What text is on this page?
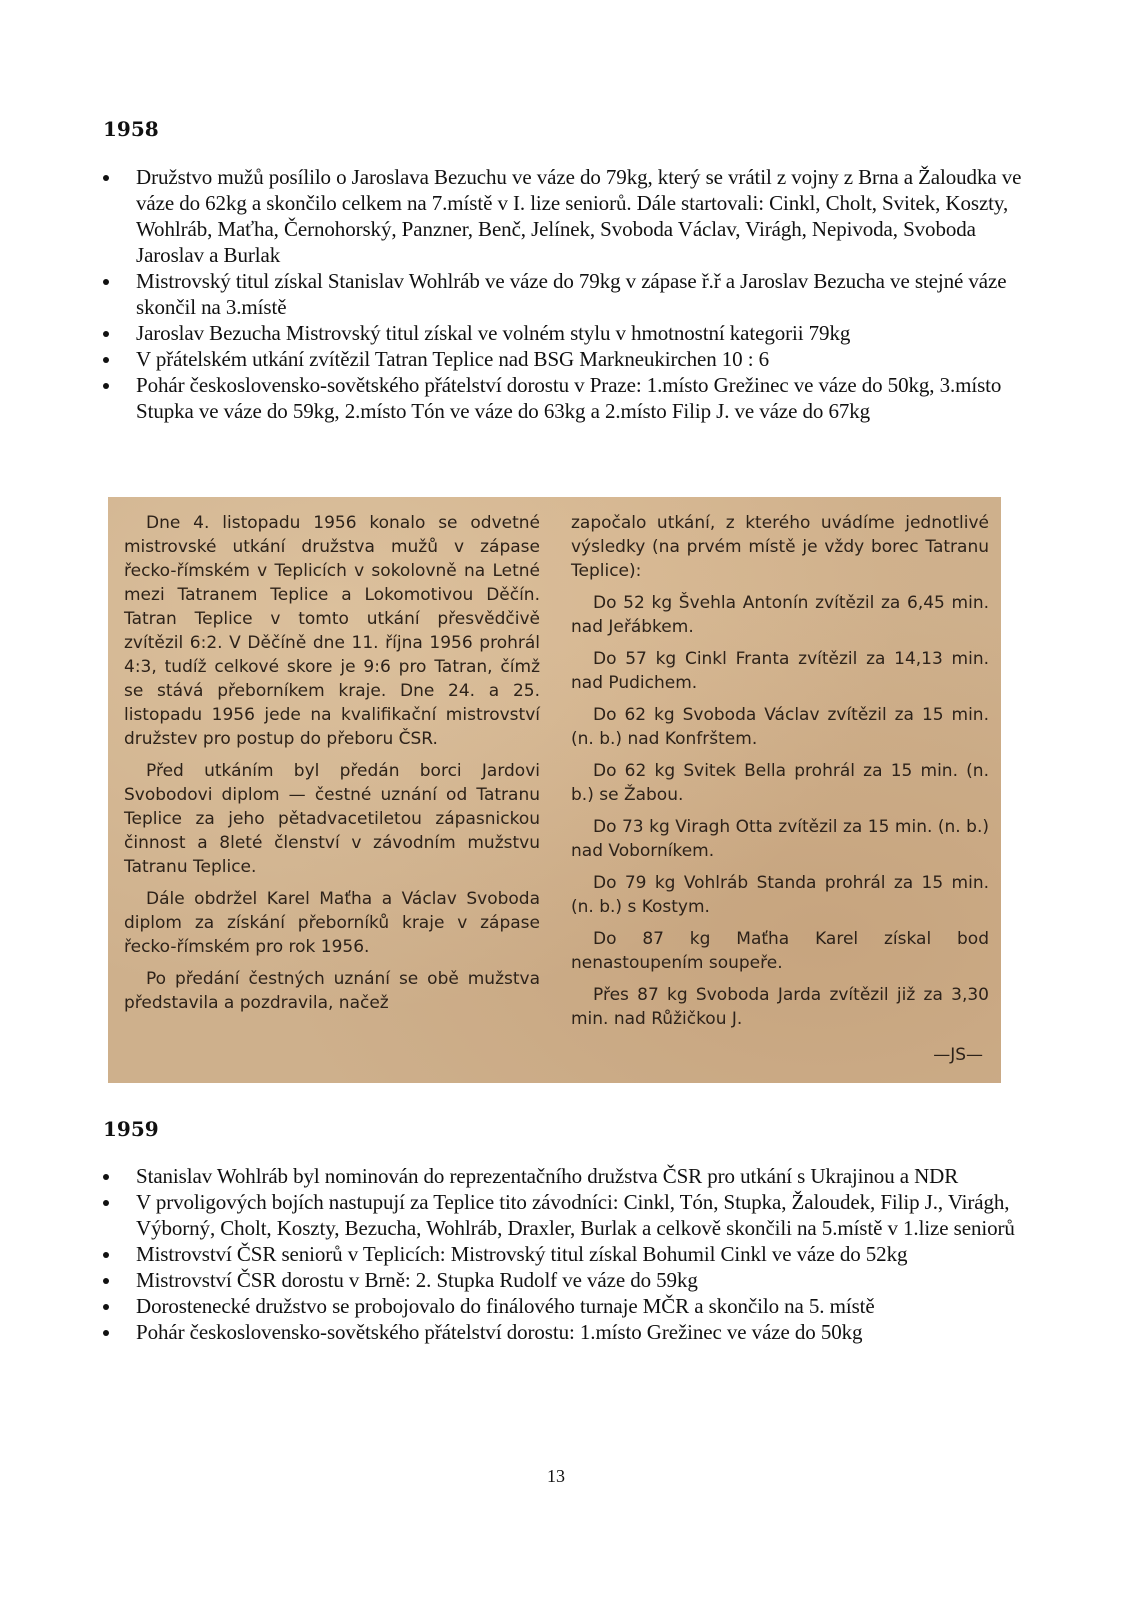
1958
Družstvo mužů posílilo o Jaroslava Bezuchu ve váze do 79kg, který se vrátil z vojny z Brna a Žaloudka ve váze do 62kg a skončilo celkem na 7.místě v I. lize seniorů. Dále startovali: Cinkl, Cholt, Svitek, Koszty, Wohlráb, Maťha, Černohorský, Panzner, Benč, Jelínek, Svoboda Václav, Virágh, Nepivoda, Svoboda Jaroslav a Burlak
Mistrovský titul získal Stanislav Wohlráb ve váze do 79kg v zápase ř.ř a Jaroslav Bezucha ve stejné váze skončil na 3.místě
Jaroslav Bezucha Mistrovský titul získal ve volném stylu v hmotnostní kategorii 79kg
V přátelském utkání zvítězil Tatran Teplice nad BSG Markneukirchen 10 : 6
Pohár československo-sovětského přátelství dorostu v Praze: 1.místo Grežinec ve váze do 50kg, 3.místo Stupka ve váze do 59kg, 2.místo Tón ve váze do 63kg a 2.místo Filip J. ve váze do 67kg

Dne 4. listopadu 1956 konalo se odvetné mistrovské utkání družstva mužů v zápase řecko-římském v Teplicích v sokolovně na Letné mezi Tatranem Teplice a Lokomotivou Děčín. Tatran Teplice v tomto utkání přesvědčivě zvítězil 6:2. V Děčíně dne 11. října 1956 prohrál 4:3, tudíž celkové skore je 9:6 pro Tatran, čímž se stává přeborníkem kraje. Dne 24. a 25. listopadu 1956 jede na kvalifikační mistrovství družstev pro postup do přeboru ČSR.

Před utkáním byl předán borci Jardovi Svobodovi diplom — čestné uznání od Tatranu Teplice za jeho pětadvacetiletou zápasnickou činnost a 8leté členství v závodním mužstvu Tatranu Teplice.

Dále obdržel Karel Maťha a Václav Svoboda diplom za získání přeborníků kraje v zápase řecko-římském pro rok 1956.

Po předání čestných uznání se obě mužstva představila a pozdravila, načež

započalo utkání, z kterého uvádíme jednotlivé výsledky (na prvém místě je vždy borec Tatranu Teplice):

Do 52 kg Švehla Antonín zvítězil za 6,45 min. nad Jeřábkem.

Do 57 kg Cinkl Franta zvítězil za 14,13 min. nad Pudichem.

Do 62 kg Svoboda Václav zvítězil za 15 min. (n. b.) nad Konfrštem.

Do 62 kg Svitek Bella prohrál za 15 min. (n. b.) se Žabou.

Do 73 kg Viragh Otta zvítězil za 15 min. (n. b.) nad Voborníkem.

Do 79 kg Vohlráb Standa prohrál za 15 min. (n. b.) s Kostym.

Do 87 kg Maťha Karel získal bod nenastoupením soupeře.

Přes 87 kg Svoboda Jarda zvítězil již za 3,30 min. nad Růžičkou J.

—JS—
1959
Stanislav Wohlráb byl nominován do reprezentačního družstva ČSR pro utkání s Ukrajinou a NDR
V prvoligových bojích nastupují za Teplice tito závodníci: Cinkl, Tón, Stupka, Žaloudek, Filip J., Virágh, Výborný, Cholt, Koszty, Bezucha, Wohlráb, Draxler, Burlak a celkově skončili na 5.místě v 1.lize seniorů
Mistrovství ČSR seniorů v Teplicích: Mistrovský titul získal Bohumil Cinkl ve váze do 52kg
Mistrovství ČSR dorostu v Brně: 2. Stupka Rudolf ve váze do 59kg
Dorostenecké družstvo se probojovalo do finálového turnaje MČR a skončilo na 5. místě
Pohár československo-sovětského přátelství dorostu: 1.místo Grežinec ve váze do 50kg
13
